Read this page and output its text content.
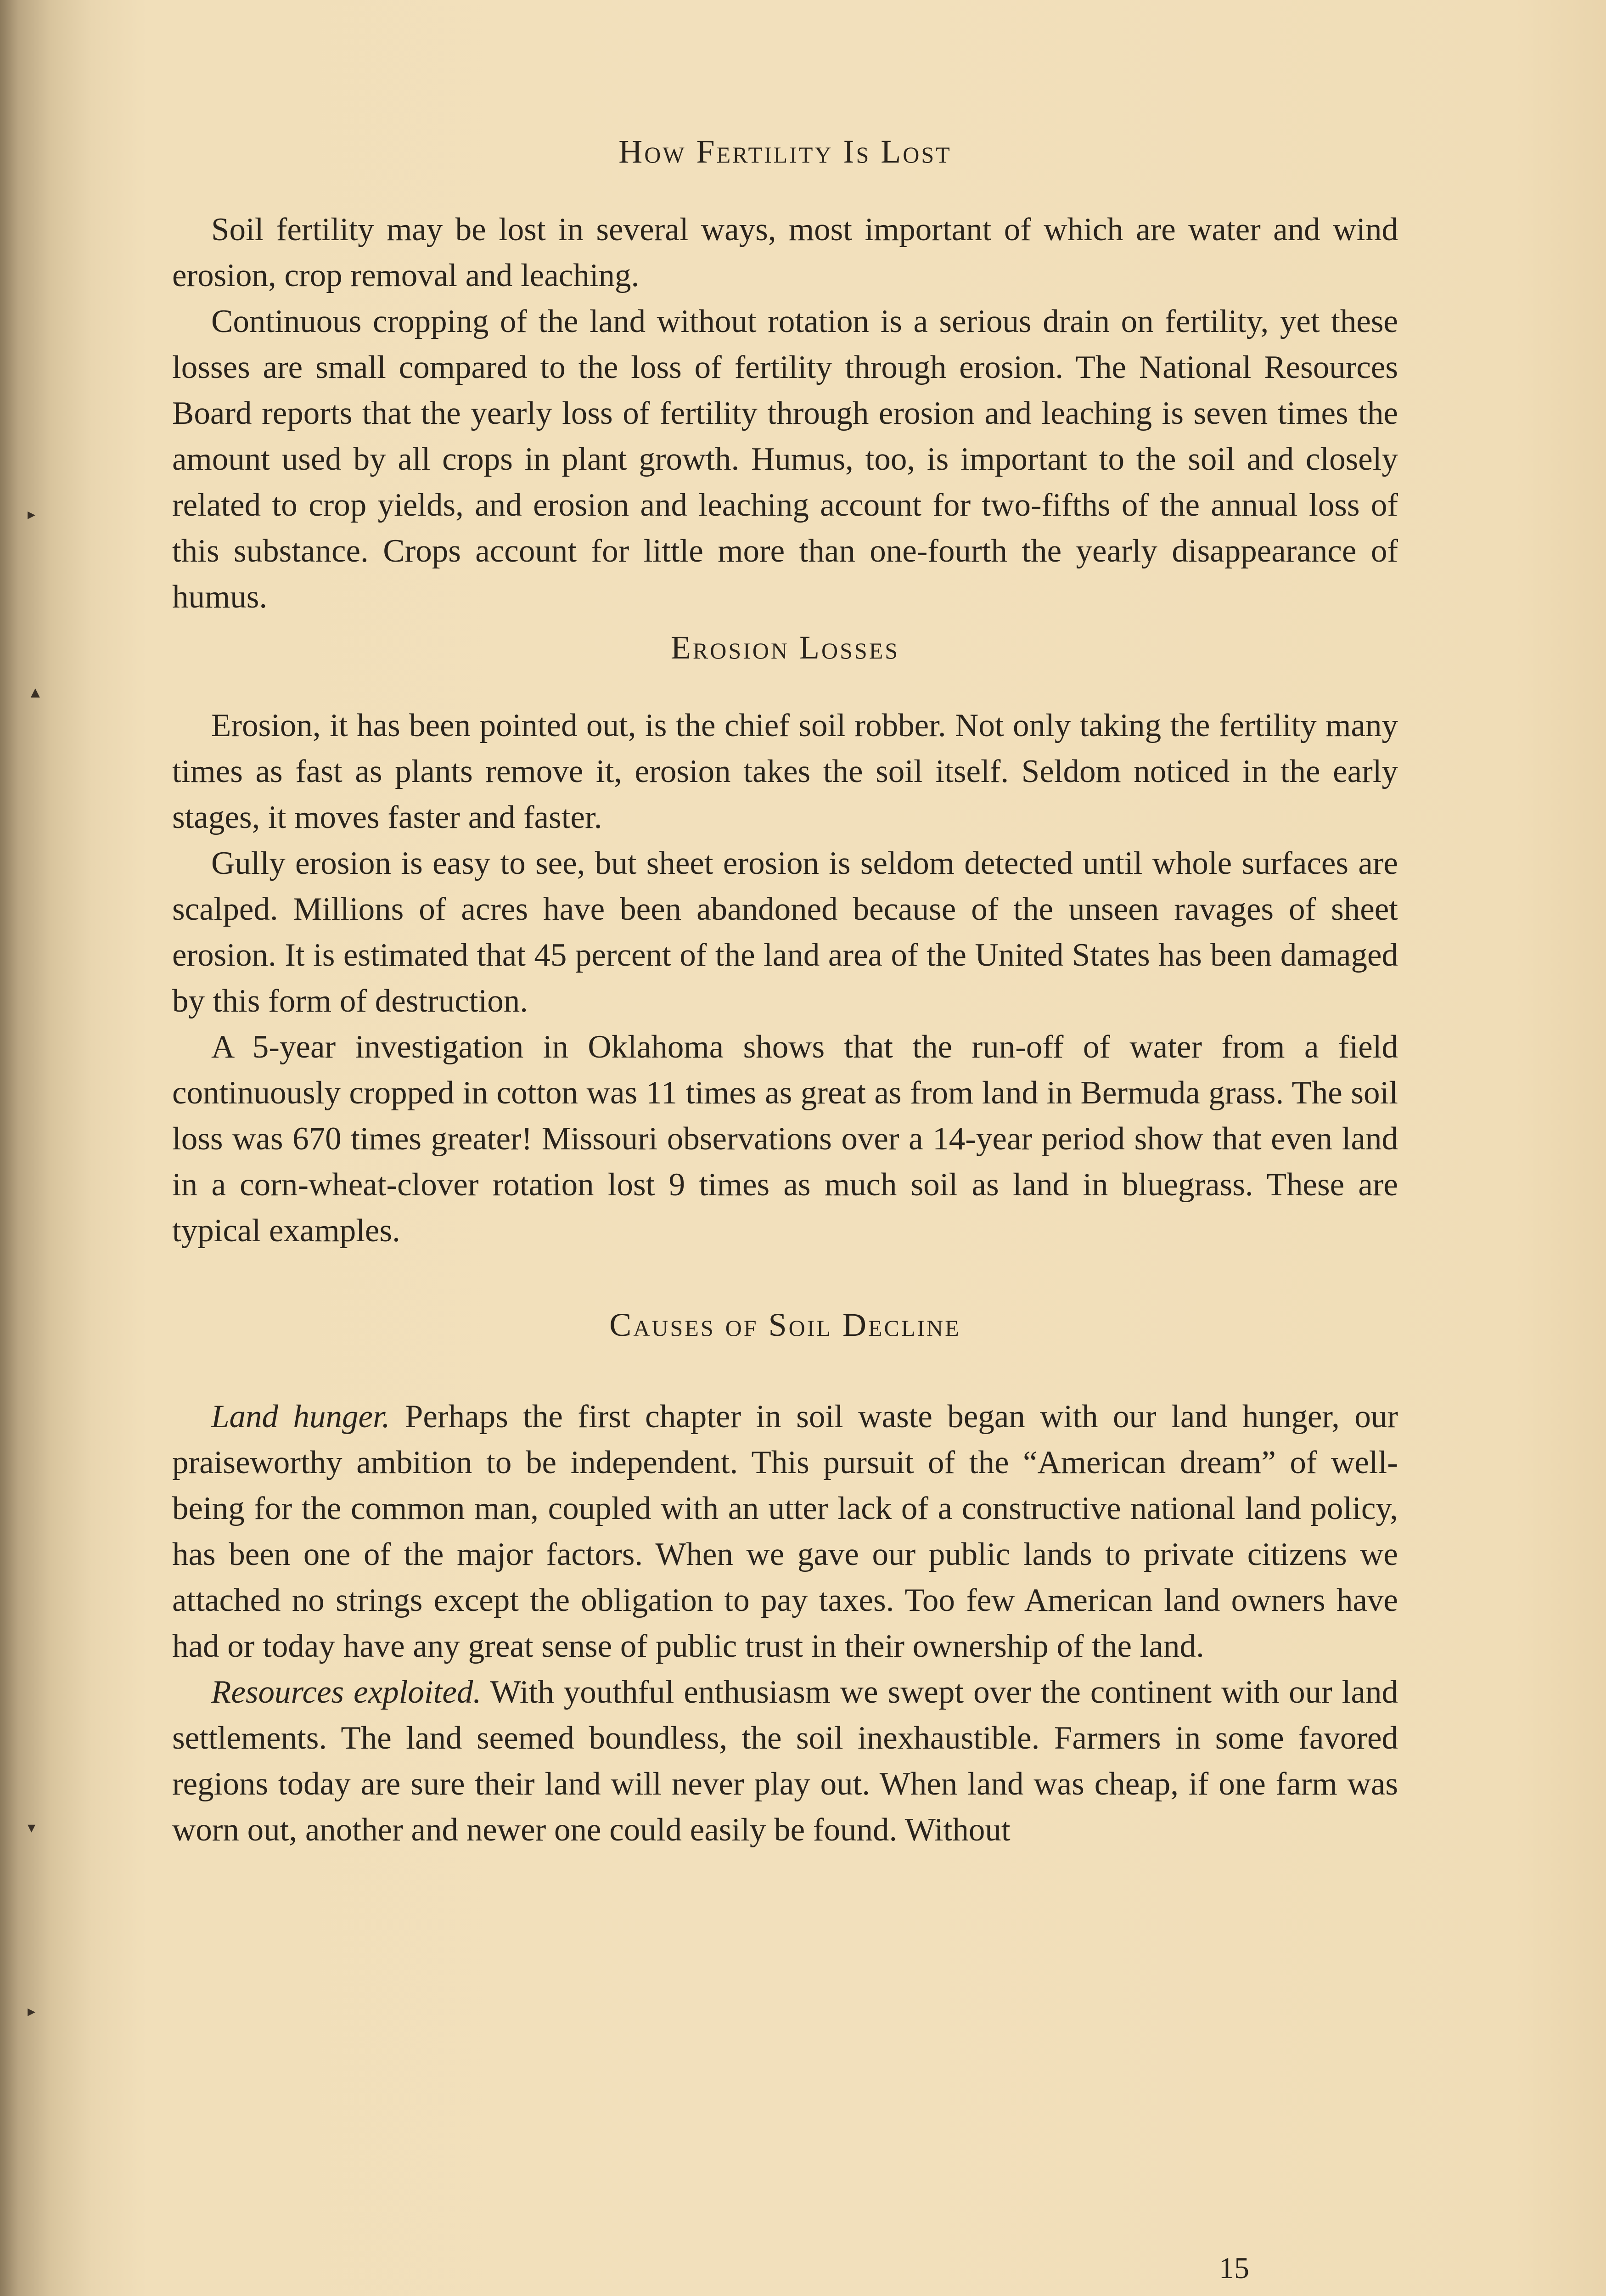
▸
▲
▾
▸
How Fertility Is Lost

Soil fertility may be lost in several ways, most important of which are water and wind erosion, crop removal and leaching.

Continuous cropping of the land without rotation is a serious drain on fertility, yet these losses are small compared to the loss of fertility through erosion. The National Resources Board reports that the yearly loss of fertility through erosion and leaching is seven times the amount used by all crops in plant growth. Humus, too, is important to the soil and closely related to crop yields, and erosion and leaching account for two-fifths of the annual loss of this substance. Crops account for little more than one-fourth the yearly disappearance of humus.

Erosion Losses

Erosion, it has been pointed out, is the chief soil robber. Not only taking the fertility many times as fast as plants remove it, erosion takes the soil itself. Seldom noticed in the early stages, it moves faster and faster.

Gully erosion is easy to see, but sheet erosion is seldom detected until whole surfaces are scalped. Millions of acres have been abandoned because of the unseen ravages of sheet erosion. It is estimated that 45 percent of the land area of the United States has been damaged by this form of destruction.

A 5-year investigation in Oklahoma shows that the run-off of water from a field continuously cropped in cotton was 11 times as great as from land in Bermuda grass. The soil loss was 670 times greater! Missouri observations over a 14-year period show that even land in a corn-wheat-clover rotation lost 9 times as much soil as land in bluegrass. These are typical examples.

Causes of Soil Decline

Land hunger. Perhaps the first chapter in soil waste began with our land hunger, our praiseworthy ambition to be independent. This pursuit of the “American dream” of well-being for the common man, coupled with an utter lack of a constructive national land policy, has been one of the major factors. When we gave our public lands to private citizens we attached no strings except the obligation to pay taxes. Too few American land owners have had or today have any great sense of public trust in their ownership of the land.

Resources exploited. With youthful enthusiasm we swept over the continent with our land settlements. The land seemed boundless, the soil inexhaustible. Farmers in some favored regions today are sure their land will never play out. When land was cheap, if one farm was worn out, another and newer one could easily be found. Without

15
